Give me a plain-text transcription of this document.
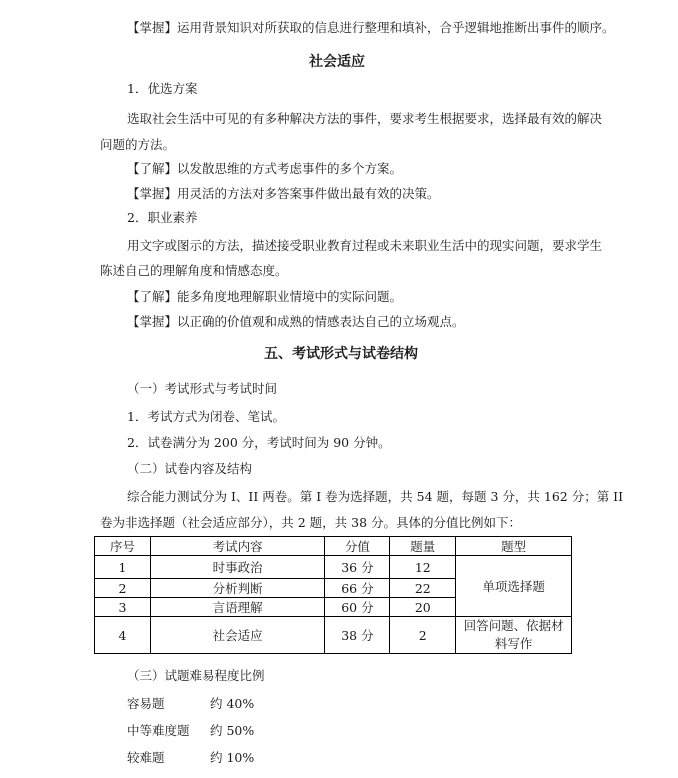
【掌握】运用背景知识对所获取的信息进行整理和填补，合乎逻辑地推断出事件的顺序。
社会适应
1．优选方案
选取社会生活中可见的有多种解决方法的事件，要求考生根据要求，选择最有效的解决
问题的方法。
【了解】以发散思维的方式考虑事件的多个方案。
【掌握】用灵活的方法对多答案事件做出最有效的决策。
2．职业素养
用文字或图示的方法，描述接受职业教育过程或未来职业生活中的现实问题，要求学生
陈述自己的理解角度和情感态度。
【了解】能多角度地理解职业情境中的实际问题。
【掌握】以正确的价值观和成熟的情感表达自己的立场观点。
五、考试形式与试卷结构
（一）考试形式与考试时间
1．考试方式为闭卷、笔试。
2．试卷满分为 200 分，考试时间为 90 分钟。
（二）试卷内容及结构
综合能力测试分为 I、II 两卷。第 I 卷为选择题，共 54 题，每题 3 分，共 162 分；第 II
卷为非选择题（社会适应部分），共 2 题，共 38 分。具体的分值比例如下：
序号	考试内容	分值	题量	题型
1	时事政治	36 分	12	单项选择题
2	分析判断	66 分	22	
3	言语理解	60 分	20	
4	社会适应	38 分	2	回答问题、依据材
料写作
（三）试题难易程度比例
容易题	约 40%
中等难度题 约 50%
较难题	约 10%
